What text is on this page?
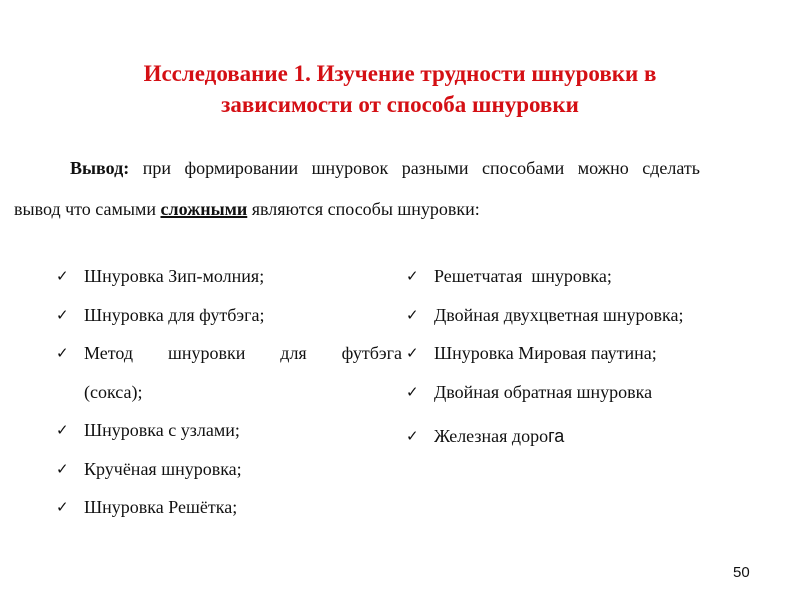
Исследование 1. Изучение трудности шнуровки в
зависимости от способа шнуровки
Вывод: при формировании шнуровок разными способами можно сделать
вывод что самыми сложными являются способы шнуровки:
✓ Шнуровка Зип-молния;
✓ Шнуровка для футбэга;
✓ Метод шнуровки для футбэга
(сокса);
✓ Шнуровка с узлами;
✓ Кручёная шнуровка;
✓ Шнуровка Решётка;
✓ Решетчатая  шнуровка;
✓ Двойная двухцветная шнуровка;
✓ Шнуровка Мировая паутина;
✓ Двойная обратная шнуровка
✓ Железная дорога
50
